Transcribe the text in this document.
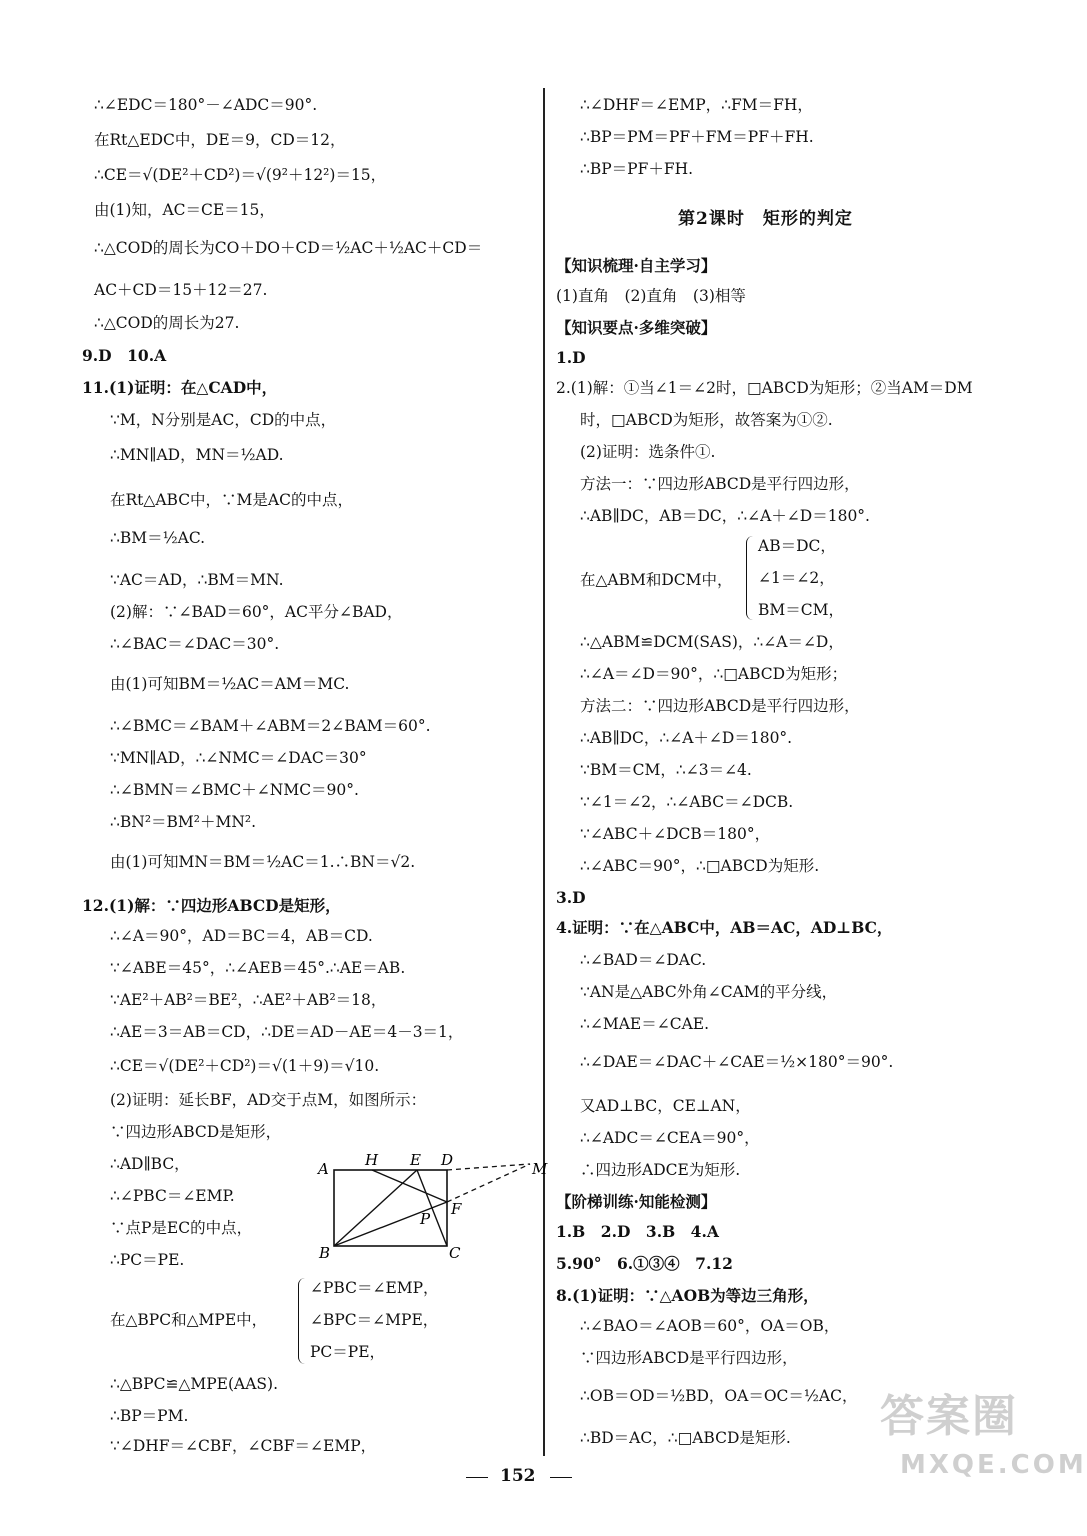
∴∠EDC＝180°－∠ADC＝90°.
在Rt△EDC中，DE＝9，CD＝12，
∴CE＝√(DE²＋CD²)＝√(9²＋12²)＝15，
由(1)知，AC＝CE＝15，
∴△COD的周长为CO＋DO＋CD＝½AC＋½AC＋CD＝
AC＋CD＝15＋12＝27.
∴△COD的周长为27.
9.D　10.A
11.(1)证明：在△CAD中，
∵M，N分别是AC，CD的中点，
∴MN∥AD，MN＝½AD.
在Rt△ABC中，∵M是AC的中点，
∴BM＝½AC.
∵AC＝AD，∴BM＝MN.
(2)解：∵∠BAD＝60°，AC平分∠BAD，
∴∠BAC＝∠DAC＝30°.
由(1)可知BM＝½AC＝AM＝MC.
∴∠BMC＝∠BAM＋∠ABM＝2∠BAM＝60°.
∵MN∥AD，∴∠NMC＝∠DAC＝30°
∴∠BMN＝∠BMC＋∠NMC＝90°.
∴BN²＝BM²＋MN².
由(1)可知MN＝BM＝½AC＝1.∴BN＝√2.
12.(1)解：∵四边形ABCD是矩形，
∴∠A＝90°，AD＝BC＝4，AB＝CD.
∵∠ABE＝45°，∴∠AEB＝45°.∴AE＝AB.
∵AE²＋AB²＝BE²，∴AE²＋AB²＝18，
∴AE＝3＝AB＝CD，∴DE＝AD－AE＝4－3＝1，
∴CE＝√(DE²＋CD²)＝√(1＋9)＝√10.
(2)证明：延长BF，AD交于点M，如图所示：
∵四边形ABCD是矩形，
∴AD∥BC，
∴∠PBC＝∠EMP.
∵点P是EC的中点，
∴PC＝PE.
在△BPC和△MPE中，
∠PBC＝∠EMP，
∠BPC＝∠MPE，
PC＝PE，
∴△BPC≌△MPE(AAS).
∴BP＝PM.
∵∠DHF＝∠CBF，∠CBF＝∠EMP，
A H E D	M
F
P
B	C
∴∠DHF＝∠EMP，∴FM＝FH，
∴BP＝PM＝PF＋FM＝PF＋FH.
∴BP＝PF＋FH.
第2课时　矩形的判定
【知识梳理·自主学习】
(1)直角　(2)直角　(3)相等
【知识要点·多维突破】
1.D
2.(1)解：①当∠1＝∠2时，□ABCD为矩形；②当AM＝DM
时，□ABCD为矩形，故答案为①②.
(2)证明：选条件①.
方法一：∵四边形ABCD是平行四边形，
∴AB∥DC，AB＝DC，∴∠A＋∠D＝180°.
在△ABM和DCM中，
AB＝DC，
∠1＝∠2，
BM＝CM，
∴△ABM≌DCM(SAS)，∴∠A＝∠D，
∴∠A＝∠D＝90°，∴□ABCD为矩形；
方法二：∵四边形ABCD是平行四边形，
∴AB∥DC，∴∠A＋∠D＝180°.
∵BM＝CM，∴∠3＝∠4.
∵∠1＝∠2，∴∠ABC＝∠DCB.
∵∠ABC＋∠DCB＝180°，
∴∠ABC＝90°，∴□ABCD为矩形.
3.D
4.证明：∵在△ABC中，AB＝AC，AD⊥BC，
∴∠BAD＝∠DAC.
∵AN是△ABC外角∠CAM的平分线，
∴∠MAE＝∠CAE.
∴∠DAE＝∠DAC＋∠CAE＝½×180°＝90°.
又AD⊥BC，CE⊥AN，
∴∠ADC＝∠CEA＝90°，
∴四边形ADCE为矩形.
【阶梯训练·知能检测】
1.B　2.D　3.B　4.A
5.90°　6.①③④　7.12
8.(1)证明：∵△AOB为等边三角形，
∴∠BAO＝∠AOB＝60°，OA＝OB，
∵四边形ABCD是平行四边形，
∴OB＝OD＝½BD，OA＝OC＝½AC，
∴BD＝AC，∴□ABCD是矩形.
152
答案圈
MXQE.COM
